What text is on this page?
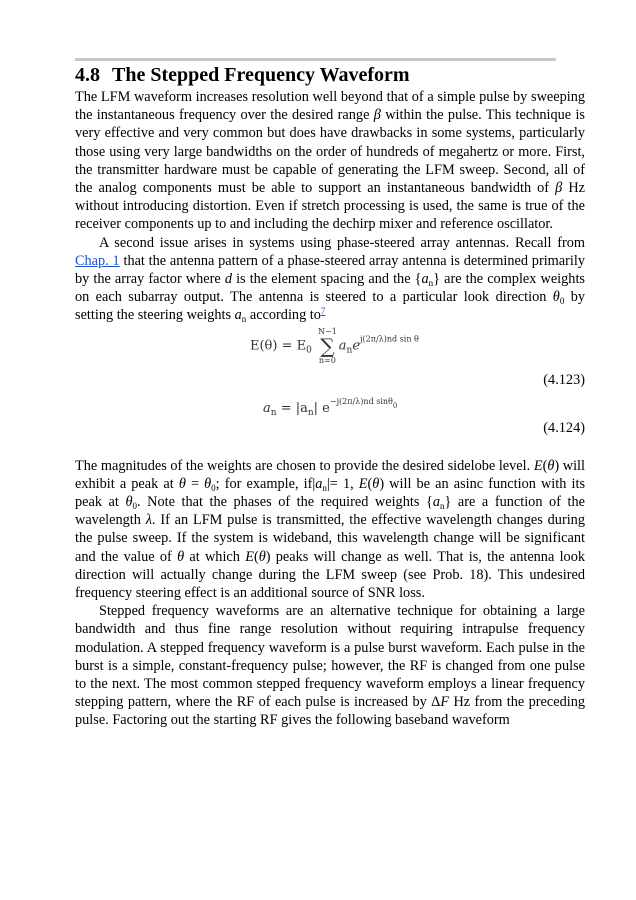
4.8 The Stepped Frequency Waveform

The LFM waveform increases resolution well beyond that of a simple pulse by sweeping the instantaneous frequency over the desired range β within the pulse. This technique is very effective and very common but does have drawbacks in some systems, particularly those using very large bandwidths on the order of hundreds of megahertz or more. First, the transmitter hardware must be capable of generating the LFM sweep. Second, all of the analog components must be able to support an instantaneous bandwidth of β Hz without introducing distortion. Even if stretch processing is used, the same is true of the receiver components up to and including the dechirp mixer and reference oscillator.

A second issue arises in systems using phase-steered array antennas. Recall from Chap. 1 that the antenna pattern of a phase-steered array antenna is determined primarily by the array factor where d is the element spacing and the $\{a_n\}$ are the complex weights on each subarray output. The antenna is steered to a particular look direction $\theta_0$ by setting the steering weights $a_n$ according $to^7$

$E(\theta) = E_0$
N−1
∑
n=0
$a_ne^{j(2\pi/\lambda)nd sin \theta}$
(4.123)
$a_n = |a_n|$ $e^{-j(2\pi/\lambda)nd sin\theta}_0$
(4.124)

The magnitudes of the weights are chosen to provide the desired sidelobe level. E(θ) will exhibit a peak at $\theta = \theta_0$; for example, $if|a_n|= 1$, E(θ) will be an asinc function with its peak at $\theta_0$. Note that the phases of the required weights $\{a_n\}$ are a function of the wavelength λ. If an LFM pulse is transmitted, the effective wavelength changes during the pulse sweep. If the system is wideband, this wavelength change will be significant and the value of θ at which E(θ) peaks will change as well. That is, the antenna look direction will actually change during the LFM sweep (see Prob. 18). This undesired frequency steering effect is an additional source of SNR loss.

Stepped frequency waveforms are an alternative technique for obtaining a large bandwidth and thus fine range resolution without requiring intrapulse frequency modulation. A stepped frequency waveform is a pulse burst waveform. Each pulse in the burst is a simple, constant-frequency pulse; however, the RF is changed from one pulse to the next. The most common stepped frequency waveform employs a linear frequency stepping pattern, where the RF of each pulse is increased by ΔF Hz from the preceding pulse. Factoring out the starting RF gives the following baseband waveform
